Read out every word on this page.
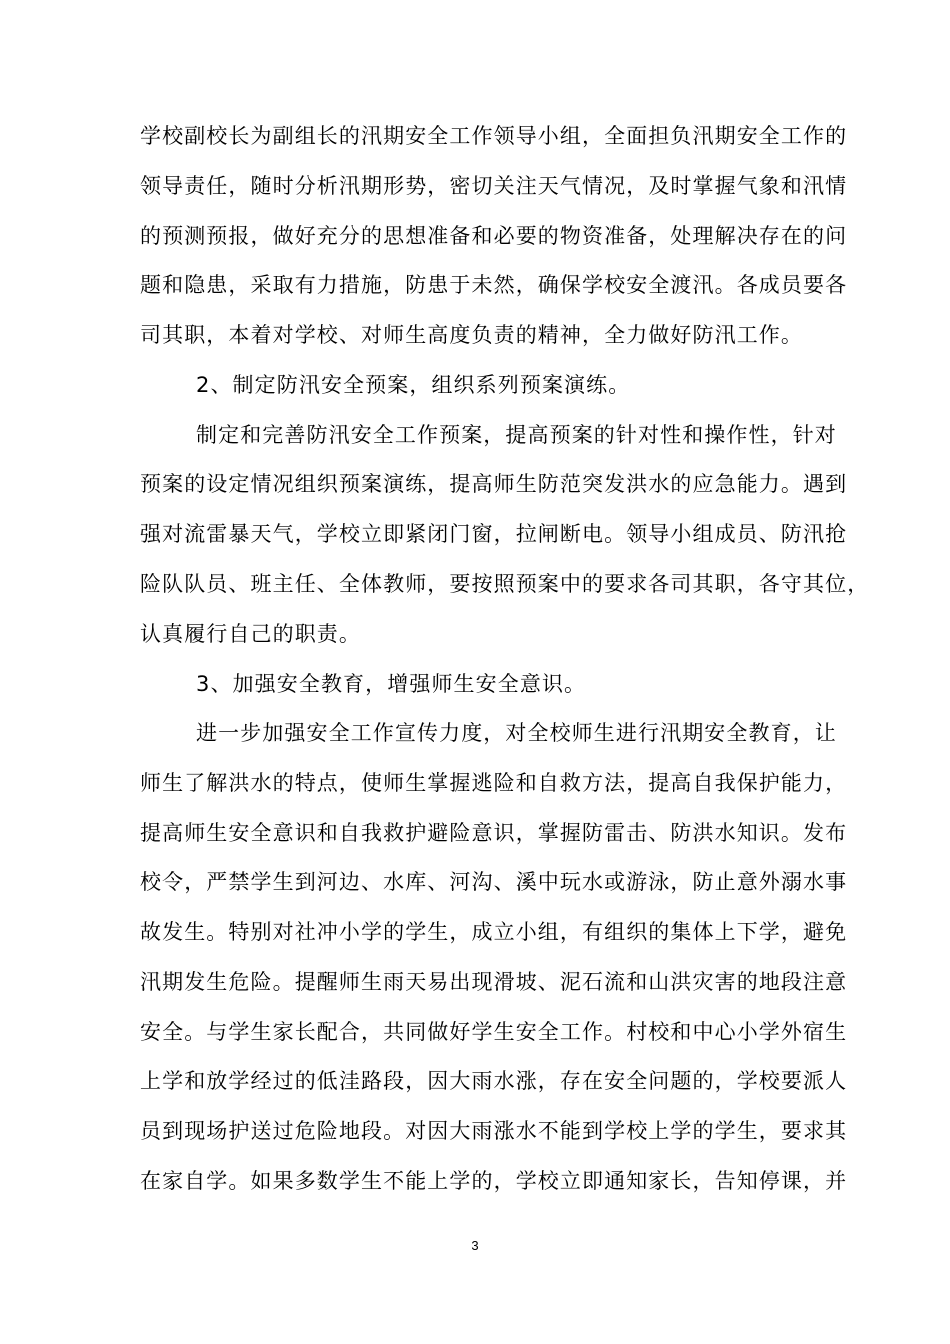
学校副校长为副组长的汛期安全工作领导小组，全面担负汛期安全工作的
领导责任，随时分析汛期形势，密切关注天气情况，及时掌握气象和汛情
的预测预报，做好充分的思想准备和必要的物资准备，处理解决存在的问
题和隐患，采取有力措施，防患于未然，确保学校安全渡汛。各成员要各
司其职，本着对学校、对师生高度负责的精神，全力做好防汛工作。
2、制定防汛安全预案，组织系列预案演练。
制定和完善防汛安全工作预案，提高预案的针对性和操作性，针对
预案的设定情况组织预案演练，提高师生防范突发洪水的应急能力。遇到
强对流雷暴天气，学校立即紧闭门窗，拉闸断电。领导小组成员、防汛抢
险队队员、班主任、全体教师，要按照预案中的要求各司其职，各守其位，
认真履行自己的职责。
3、加强安全教育，增强师生安全意识。
进一步加强安全工作宣传力度，对全校师生进行汛期安全教育，让
师生了解洪水的特点，使师生掌握逃险和自救方法，提高自我保护能力，
提高师生安全意识和自我救护避险意识，掌握防雷击、防洪水知识。发布
校令，严禁学生到河边、水库、河沟、溪中玩水或游泳，防止意外溺水事
故发生。特别对社冲小学的学生，成立小组，有组织的集体上下学，避免
汛期发生危险。提醒师生雨天易出现滑坡、泥石流和山洪灾害的地段注意
安全。与学生家长配合，共同做好学生安全工作。村校和中心小学外宿生
上学和放学经过的低洼路段，因大雨水涨，存在安全问题的，学校要派人
员到现场护送过危险地段。对因大雨涨水不能到学校上学的学生，要求其
在家自学。如果多数学生不能上学的，学校立即通知家长，告知停课，并
3
